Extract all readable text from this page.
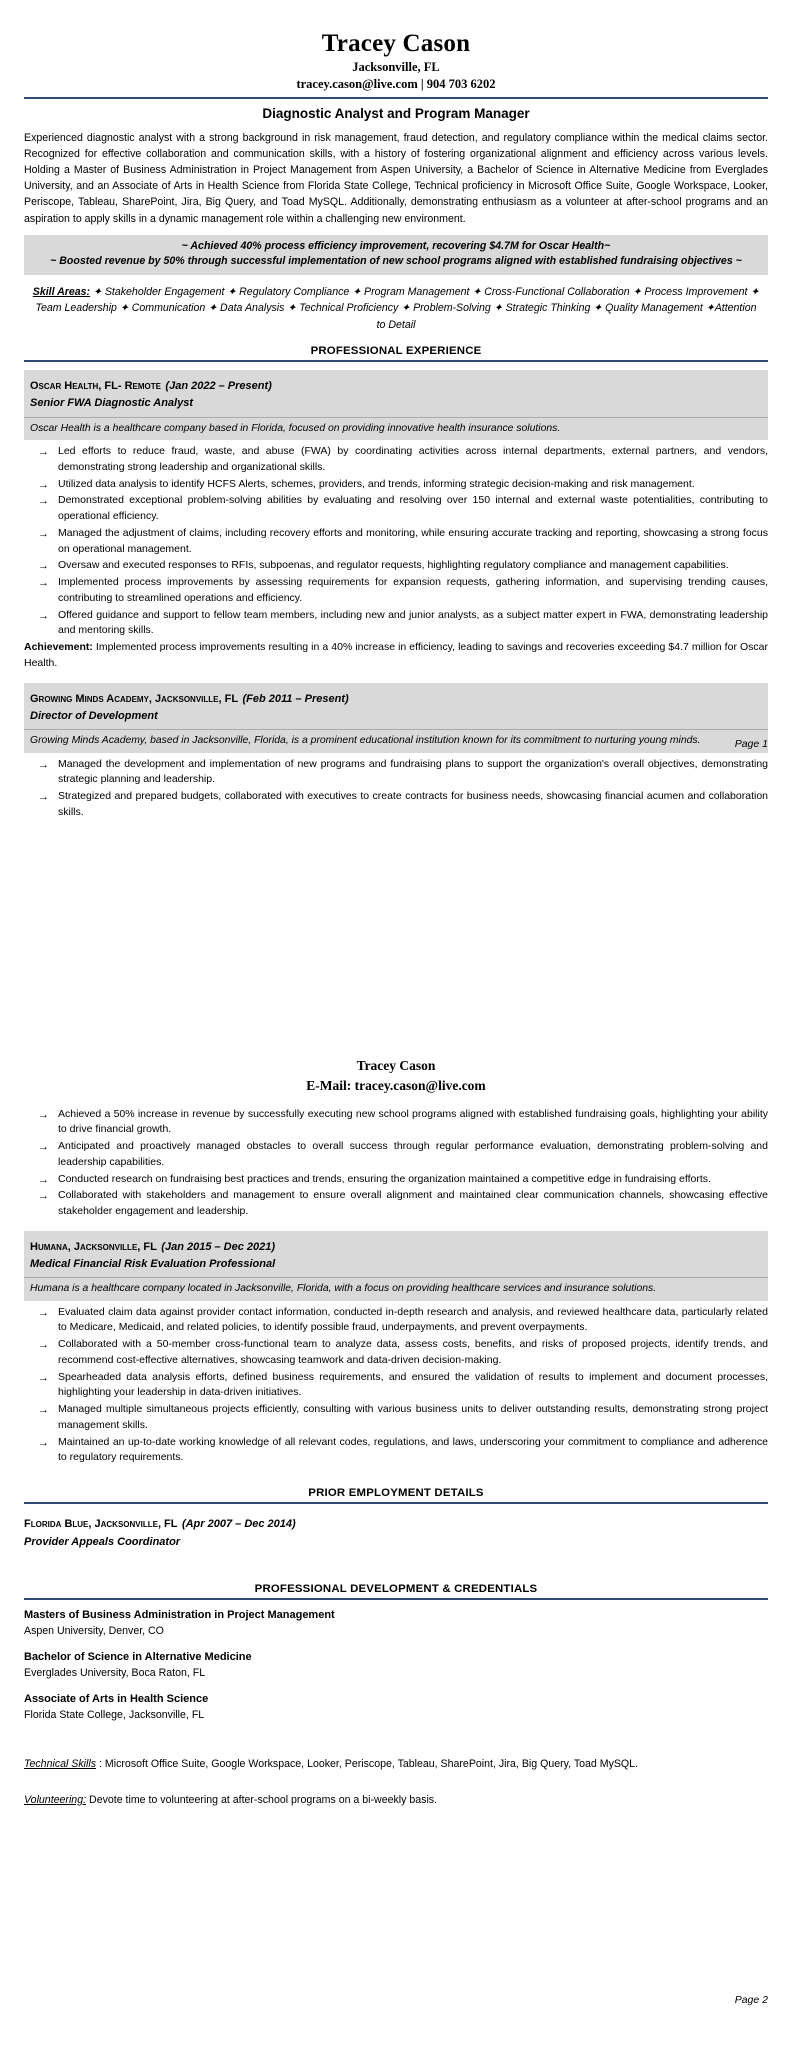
Tracey Cason
Jacksonville, FL
tracey.cason@live.com | 904 703 6202
Diagnostic Analyst and Program Manager
Experienced diagnostic analyst with a strong background in risk management, fraud detection, and regulatory compliance within the medical claims sector. Recognized for effective collaboration and communication skills, with a history of fostering organizational alignment and efficiency across various levels. Holding a Master of Business Administration in Project Management from Aspen University, a Bachelor of Science in Alternative Medicine from Everglades University, and an Associate of Arts in Health Science from Florida State College, Technical proficiency in Microsoft Office Suite, Google Workspace, Looker, Periscope, Tableau, SharePoint, Jira, Big Query, and Toad MySQL. Additionally, demonstrating enthusiasm as a volunteer at after-school programs and an aspiration to apply skills in a dynamic management role within a challenging new environment.
~ Achieved 40% process efficiency improvement, recovering $4.7M for Oscar Health~
~ Boosted revenue by 50% through successful implementation of new school programs aligned with established fundraising objectives ~
Skill Areas: ✦ Stakeholder Engagement ✦ Regulatory Compliance ✦ Program Management ✦ Cross-Functional Collaboration ✦ Process Improvement ✦ Team Leadership ✦ Communication ✦ Data Analysis ✦ Technical Proficiency ✦ Problem-Solving ✦ Strategic Thinking ✦ Quality Management ✦Attention to Detail
PROFESSIONAL EXPERIENCE
Oscar Health, FL- Remote (Jan 2022 – Present)
Senior FWA Diagnostic Analyst
Oscar Health is a healthcare company based in Florida, focused on providing innovative health insurance solutions.
→ Led efforts to reduce fraud, waste, and abuse (FWA) by coordinating activities across internal departments, external partners, and vendors, demonstrating strong leadership and organizational skills.
→ Utilized data analysis to identify HCFS Alerts, schemes, providers, and trends, informing strategic decision-making and risk management.
→ Demonstrated exceptional problem-solving abilities by evaluating and resolving over 150 internal and external waste potentialities, contributing to operational efficiency.
→ Managed the adjustment of claims, including recovery efforts and monitoring, while ensuring accurate tracking and reporting, showcasing a strong focus on operational management.
→ Oversaw and executed responses to RFIs, subpoenas, and regulator requests, highlighting regulatory compliance and management capabilities.
→ Implemented process improvements by assessing requirements for expansion requests, gathering information, and supervising trending causes, contributing to streamlined operations and efficiency.
→ Offered guidance and support to fellow team members, including new and junior analysts, as a subject matter expert in FWA, demonstrating leadership and mentoring skills.
Achievement: Implemented process improvements resulting in a 40% increase in efficiency, leading to savings and recoveries exceeding $4.7 million for Oscar Health.
Growing Minds Academy, Jacksonville, FL (Feb 2011 – Present)
Director of Development
Growing Minds Academy, based in Jacksonville, Florida, is a prominent educational institution known for its commitment to nurturing young minds.
→ Managed the development and implementation of new programs and fundraising plans to support the organization's overall objectives, demonstrating strategic planning and leadership.
→ Strategized and prepared budgets, collaborated with executives to create contracts for business needs, showcasing financial acumen and collaboration skills.
Page 1
Tracey Cason
E-Mail: tracey.cason@live.com
→ Achieved a 50% increase in revenue by successfully executing new school programs aligned with established fundraising goals, highlighting your ability to drive financial growth.
→ Anticipated and proactively managed obstacles to overall success through regular performance evaluation, demonstrating problem-solving and leadership capabilities.
→ Conducted research on fundraising best practices and trends, ensuring the organization maintained a competitive edge in fundraising efforts.
→ Collaborated with stakeholders and management to ensure overall alignment and maintained clear communication channels, showcasing effective stakeholder engagement and leadership.
Humana, Jacksonville, FL (Jan 2015 – Dec 2021)
Medical Financial Risk Evaluation Professional
Humana is a healthcare company located in Jacksonville, Florida, with a focus on providing healthcare services and insurance solutions.
→ Evaluated claim data against provider contact information, conducted in-depth research and analysis, and reviewed healthcare data, particularly related to Medicare, Medicaid, and related policies, to identify possible fraud, underpayments, and prevent overpayments.
→ Collaborated with a 50-member cross-functional team to analyze data, assess costs, benefits, and risks of proposed projects, identify trends, and recommend cost-effective alternatives, showcasing teamwork and data-driven decision-making.
→ Spearheaded data analysis efforts, defined business requirements, and ensured the validation of results to implement and document processes, highlighting your leadership in data-driven initiatives.
→ Managed multiple simultaneous projects efficiently, consulting with various business units to deliver outstanding results, demonstrating strong project management skills.
→ Maintained an up-to-date working knowledge of all relevant codes, regulations, and laws, underscoring your commitment to compliance and adherence to regulatory requirements.
PRIOR EMPLOYMENT DETAILS
Florida Blue, Jacksonville, FL (Apr 2007 – Dec 2014)
Provider Appeals Coordinator
PROFESSIONAL DEVELOPMENT & CREDENTIALS
Masters of Business Administration in Project Management
Aspen University, Denver, CO
Bachelor of Science in Alternative Medicine
Everglades University, Boca Raton, FL
Associate of Arts in Health Science
Florida State College, Jacksonville, FL
Technical Skills : Microsoft Office Suite, Google Workspace, Looker, Periscope, Tableau, SharePoint, Jira, Big Query, Toad MySQL.
Volunteering: Devote time to volunteering at after-school programs on a bi-weekly basis.
Page 2
